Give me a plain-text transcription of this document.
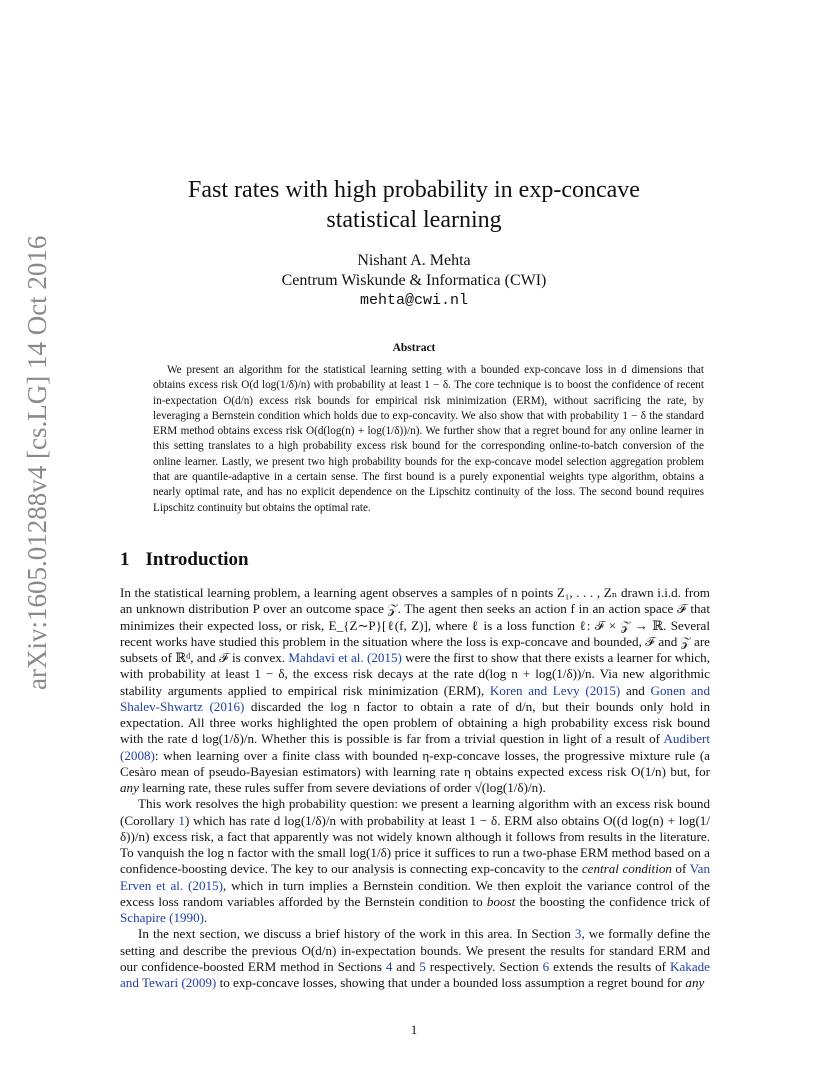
arXiv:1605.01288v4 [cs.LG] 14 Oct 2016
Fast rates with high probability in exp-concave
statistical learning
Nishant A. Mehta
Centrum Wiskunde & Informatica (CWI)
mehta@cwi.nl
Abstract
We present an algorithm for the statistical learning setting with a bounded exp-concave loss in d dimensions that obtains excess risk O(d log(1/δ)/n) with probability at least 1 − δ. The core technique is to boost the confidence of recent in-expectation O(d/n) excess risk bounds for empirical risk minimization (ERM), without sacrificing the rate, by leveraging a Bernstein condition which holds due to exp-concavity. We also show that with probability 1 − δ the standard ERM method obtains excess risk O(d(log(n) + log(1/δ))/n). We further show that a regret bound for any online learner in this setting translates to a high probability excess risk bound for the corresponding online-to-batch conversion of the online learner. Lastly, we present two high probability bounds for the exp-concave model selection aggregation problem that are quantile-adaptive in a certain sense. The first bound is a purely exponential weights type algorithm, obtains a nearly optimal rate, and has no explicit dependence on the Lipschitz continuity of the loss. The second bound requires Lipschitz continuity but obtains the optimal rate.
1 Introduction

In the statistical learning problem, a learning agent observes a samples of n points Z₁, . . . , Zₙ drawn i.i.d. from an unknown distribution P over an outcome space 𝒵. The agent then seeks an action f in an action space ℱ that minimizes their expected loss, or risk, E_{Z∼P}[ℓ(f, Z)], where ℓ is a loss function ℓ: ℱ × 𝒵 → ℝ. Several recent works have studied this problem in the situation where the loss is exp-concave and bounded, ℱ and 𝒵 are subsets of ℝᵈ, and ℱ is convex. Mahdavi et al. (2015) were the first to show that there exists a learner for which, with probability at least 1 − δ, the excess risk decays at the rate d(log n + log(1/δ))/n. Via new algorithmic stability arguments applied to empirical risk minimization (ERM), Koren and Levy (2015) and Gonen and Shalev-Shwartz (2016) discarded the log n factor to obtain a rate of d/n, but their bounds only hold in expectation. All three works highlighted the open problem of obtaining a high probability excess risk bound with the rate d log(1/δ)/n. Whether this is possible is far from a trivial question in light of a result of Audibert (2008): when learning over a finite class with bounded η-exp-concave losses, the progressive mixture rule (a Cesàro mean of pseudo-Bayesian estimators) with learning rate η obtains expected excess risk O(1/n) but, for any learning rate, these rules suffer from severe deviations of order √(log(1/δ)/n).

This work resolves the high probability question: we present a learning algorithm with an excess risk bound (Corollary 1) which has rate d log(1/δ)/n with probability at least 1 − δ. ERM also obtains O((d log(n) + log(1/δ))/n) excess risk, a fact that apparently was not widely known although it follows from results in the literature. To vanquish the log n factor with the small log(1/δ) price it suffices to run a two-phase ERM method based on a confidence-boosting device. The key to our analysis is connecting exp-concavity to the central condition of Van Erven et al. (2015), which in turn implies a Bernstein condition. We then exploit the variance control of the excess loss random variables afforded by the Bernstein condition to boost the boosting the confidence trick of Schapire (1990).

In the next section, we discuss a brief history of the work in this area. In Section 3, we formally define the setting and describe the previous O(d/n) in-expectation bounds. We present the results for standard ERM and our confidence-boosted ERM method in Sections 4 and 5 respectively. Section 6 extends the results of Kakade and Tewari (2009) to exp-concave losses, showing that under a bounded loss assumption a regret bound for any

1
